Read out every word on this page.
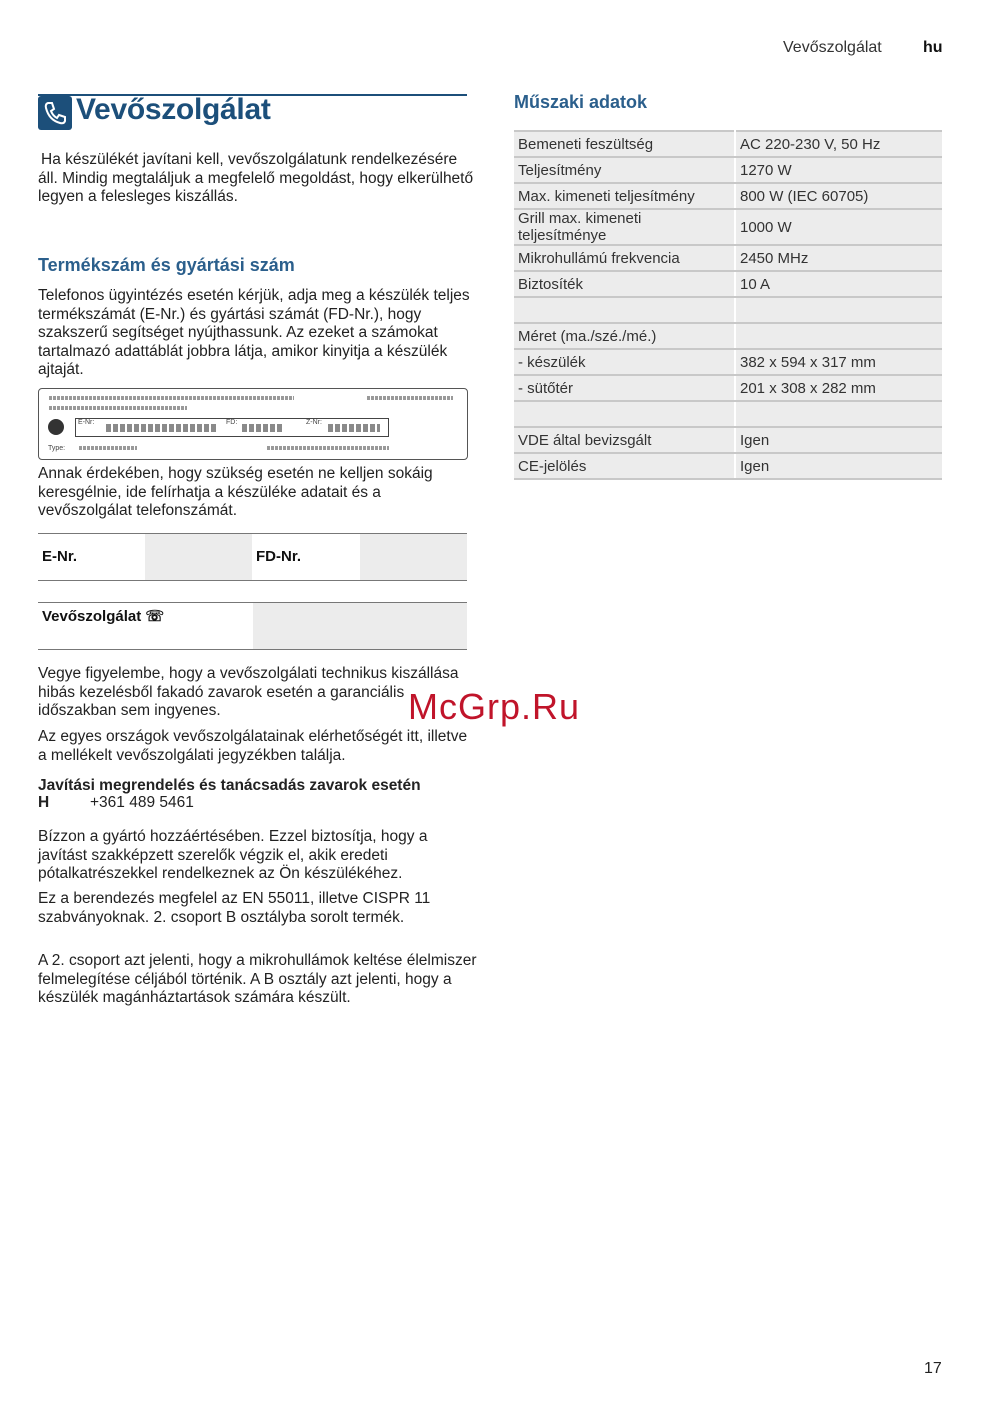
Vevőszolgálat	hu
Vevőszolgálat
Ha készülékét javítani kell, vevőszolgálatunk rendelkezésére áll. Mindig megtaláljuk a megfelelő megoldást, hogy elkerülhető legyen a felesleges kiszállás.
Termékszám és gyártási szám
Telefonos ügyintézés esetén kérjük, adja meg a készülék teljes termékszámát (E-Nr.) és gyártási számát (FD-Nr.), hogy szakszerű segítséget nyújthassunk. Az ezeket a számokat tartalmazó adattáblát jobbra látja, amikor kinyitja a készülék ajtaját.
E-Nr:	FD:	Z-Nr:
Type:
Annak érdekében, hogy szükség esetén ne kelljen sokáig keresgélnie, ide felírhatja a készüléke adatait és a vevőszolgálat telefonszámát.
E-Nr.	FD-Nr.
Vevőszolgálat ☏
Vegye figyelembe, hogy a vevőszolgálati technikus kiszállása hibás kezelésből fakadó zavarok esetén a garanciális időszakban sem ingyenes.
Az egyes országok vevőszolgálatainak elérhetőségét itt, illetve a mellékelt vevőszolgálati jegyzékben találja.
Javítási megrendelés és tanácsadás zavarok esetén
H	+361 489 5461
Bízzon a gyártó hozzáértésében. Ezzel biztosítja, hogy a javítást szakképzett szerelők végzik el, akik eredeti pótalkatrészekkel rendelkeznek az Ön készülékéhez.
Ez a berendezés megfelel az EN 55011, illetve CISPR 11 szabványoknak. 2. csoport B osztályba sorolt termék.
A 2. csoport azt jelenti, hogy a mikrohullámok keltése élelmiszer felmelegítése céljából történik. A B osztály azt jelenti, hogy a készülék magánháztartások számára készült.
Műszaki adatok
Bemeneti feszültség	AC 220-230 V, 50 Hz
Teljesítmény	1270 W
Max. kimeneti teljesítmény	800 W (IEC 60705)
Grill max. kimeneti teljesítménye	1000 W
Mikrohullámú frekvencia	2450 MHz
Biztosíték	10 A

Méret (ma./szé./mé.)	
- készülék	382 x 594 x 317 mm
- sütőtér	201 x 308 x 282 mm

VDE által bevizsgált	Igen
CE-jelölés	Igen
McGrp.Ru
17
